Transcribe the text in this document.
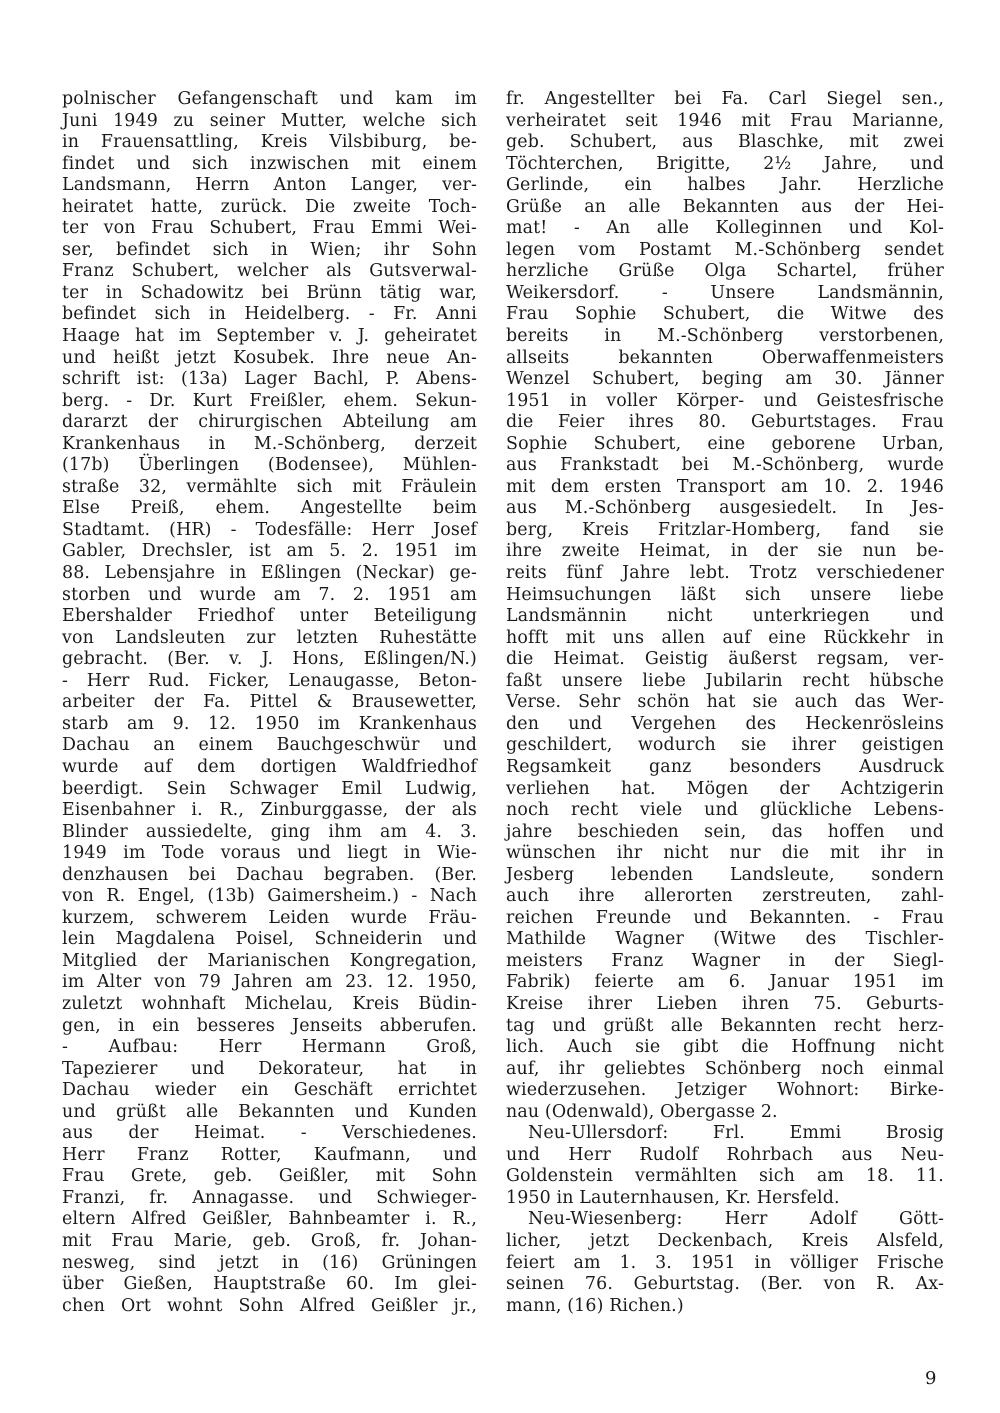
polnischer Gefangenschaft und kam im
Juni 1949 zu seiner Mutter, welche sich
in Frauensattling, Kreis Vilsbiburg, be-
findet und sich inzwischen mit einem
Landsmann, Herrn Anton Langer, ver-
heiratet hatte, zurück. Die zweite Toch-
ter von Frau Schubert, Frau Emmi Wei-
ser, befindet sich in Wien; ihr Sohn
Franz Schubert, welcher als Gutsverwal-
ter in Schadowitz bei Brünn tätig war,
befindet sich in Heidelberg. - Fr. Anni
Haage hat im September v. J. geheiratet
und heißt jetzt Kosubek. Ihre neue An-
schrift ist: (13a) Lager Bachl, P. Abens-
berg. - Dr. Kurt Freißler, ehem. Sekun-
dararzt der chirurgischen Abteilung am
Krankenhaus in M.-Schönberg, derzeit
(17b) Überlingen (Bodensee), Mühlen-
straße 32, vermählte sich mit Fräulein
Else Preiß, ehem. Angestellte beim
Stadtamt. (HR) - Todesfälle: Herr Josef
Gabler, Drechsler, ist am 5. 2. 1951 im
88. Lebensjahre in Eßlingen (Neckar) ge-
storben und wurde am 7. 2. 1951 am
Ebershalder Friedhof unter Beteiligung
von Landsleuten zur letzten Ruhestätte
gebracht. (Ber. v. J. Hons, Eßlingen/N.)
- Herr Rud. Ficker, Lenaugasse, Beton-
arbeiter der Fa. Pittel & Brausewetter,
starb am 9. 12. 1950 im Krankenhaus
Dachau an einem Bauchgeschwür und
wurde auf dem dortigen Waldfriedhof
beerdigt. Sein Schwager Emil Ludwig,
Eisenbahner i. R., Zinburggasse, der als
Blinder aussiedelte, ging ihm am 4. 3.
1949 im Tode voraus und liegt in Wie-
denzhausen bei Dachau begraben. (Ber.
von R. Engel, (13b) Gaimersheim.) - Nach
kurzem, schwerem Leiden wurde Fräu-
lein Magdalena Poisel, Schneiderin und
Mitglied der Marianischen Kongregation,
im Alter von 79 Jahren am 23. 12. 1950,
zuletzt wohnhaft Michelau, Kreis Büdin-
gen, in ein besseres Jenseits abberufen.
- Aufbau: Herr Hermann Groß,
Tapezierer und Dekorateur, hat in
Dachau wieder ein Geschäft errichtet
und grüßt alle Bekannten und Kunden
aus der Heimat. - Verschiedenes.
Herr Franz Rotter, Kaufmann, und
Frau Grete, geb. Geißler, mit Sohn
Franzi, fr. Annagasse. und Schwieger-
eltern Alfred Geißler, Bahnbeamter i. R.,
mit Frau Marie, geb. Groß, fr. Johan-
nesweg, sind jetzt in (16) Grüningen
über Gießen, Hauptstraße 60. Im glei-
chen Ort wohnt Sohn Alfred Geißler jr.,
fr. Angestellter bei Fa. Carl Siegel sen.,
verheiratet seit 1946 mit Frau Marianne,
geb. Schubert, aus Blaschke, mit zwei
Töchterchen, Brigitte, 2½ Jahre, und
Gerlinde, ein halbes Jahr. Herzliche
Grüße an alle Bekannten aus der Hei-
mat! - An alle Kolleginnen und Kol-
legen vom Postamt M.-Schönberg sendet
herzliche Grüße Olga Schartel, früher
Weikersdorf. - Unsere Landsmännin,
Frau Sophie Schubert, die Witwe des
bereits in M.-Schönberg verstorbenen,
allseits bekannten Oberwaffenmeisters
Wenzel Schubert, beging am 30. Jänner
1951 in voller Körper- und Geistesfrische
die Feier ihres 80. Geburtstages. Frau
Sophie Schubert, eine geborene Urban,
aus Frankstadt bei M.-Schönberg, wurde
mit dem ersten Transport am 10. 2. 1946
aus M.-Schönberg ausgesiedelt. In Jes-
berg, Kreis Fritzlar-Homberg, fand sie
ihre zweite Heimat, in der sie nun be-
reits fünf Jahre lebt. Trotz verschiedener
Heimsuchungen läßt sich unsere liebe
Landsmännin nicht unterkriegen und
hofft mit uns allen auf eine Rückkehr in
die Heimat. Geistig äußerst regsam, ver-
faßt unsere liebe Jubilarin recht hübsche
Verse. Sehr schön hat sie auch das Wer-
den und Vergehen des Heckenrösleins
geschildert, wodurch sie ihrer geistigen
Regsamkeit ganz besonders Ausdruck
verliehen hat. Mögen der Achtzigerin
noch recht viele und glückliche Lebens-
jahre beschieden sein, das hoffen und
wünschen ihr nicht nur die mit ihr in
Jesberg lebenden Landsleute, sondern
auch ihre allerorten zerstreuten, zahl-
reichen Freunde und Bekannten. - Frau
Mathilde Wagner (Witwe des Tischler-
meisters Franz Wagner in der Siegl-
Fabrik) feierte am 6. Januar 1951 im
Kreise ihrer Lieben ihren 75. Geburts-
tag und grüßt alle Bekannten recht herz-
lich. Auch sie gibt die Hoffnung nicht
auf, ihr geliebtes Schönberg noch einmal
wiederzusehen. Jetziger Wohnort: Birke-
nau (Odenwald), Obergasse 2.
Neu-Ullersdorf: Frl. Emmi Brosig
und Herr Rudolf Rohrbach aus Neu-
Goldenstein vermählten sich am 18. 11.
1950 in Lauternhausen, Kr. Hersfeld.
Neu-Wiesenberg: Herr Adolf Gött-
licher, jetzt Deckenbach, Kreis Alsfeld,
feiert am 1. 3. 1951 in völliger Frische
seinen 76. Geburtstag. (Ber. von R. Ax-
mann, (16) Richen.)
9
